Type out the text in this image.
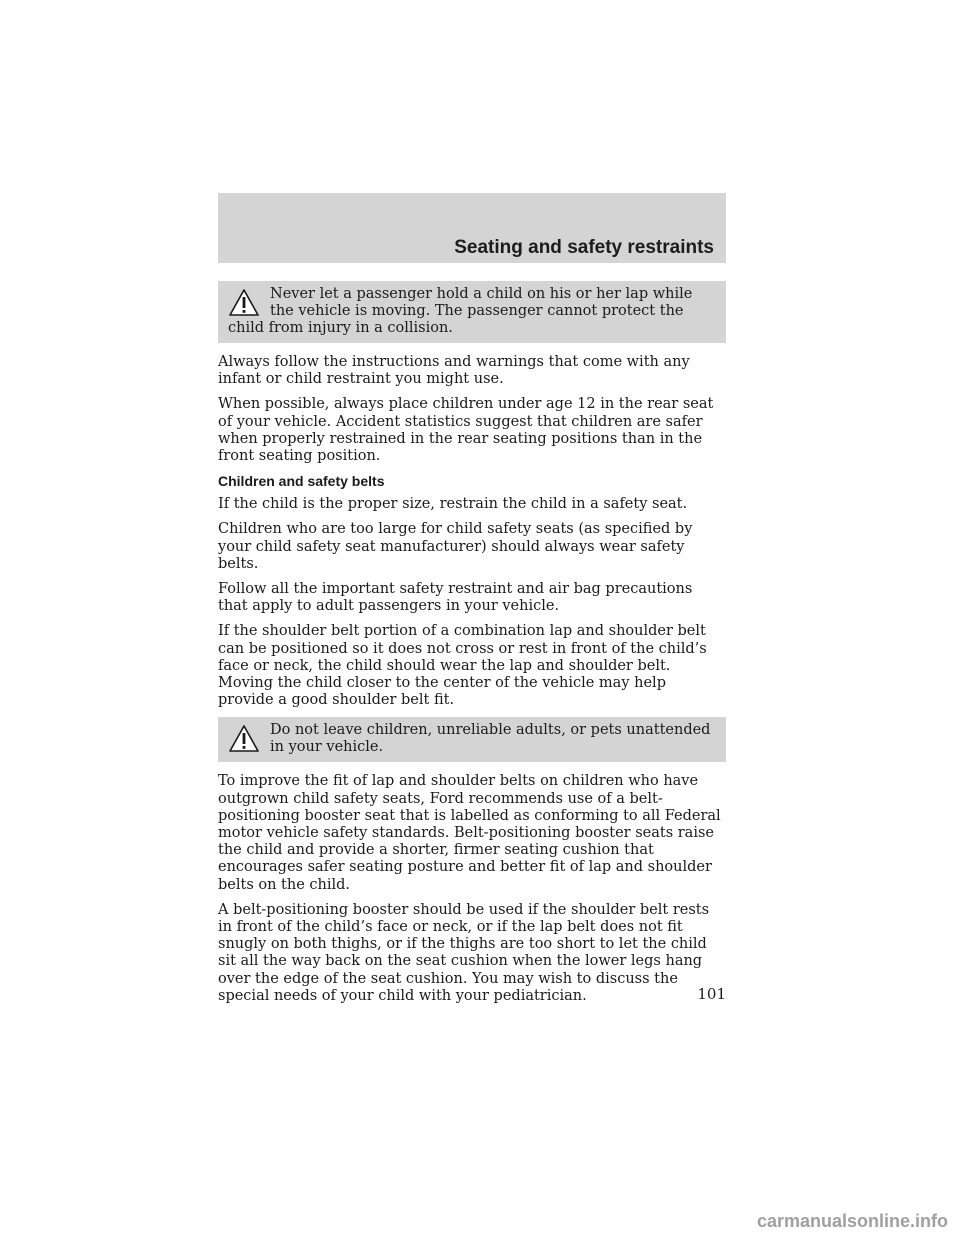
Seating and safety restraints

Never let a passenger hold a child on his or her lap while the vehicle is moving. The passenger cannot protect the child from injury in a collision.

Always follow the instructions and warnings that come with any infant or child restraint you might use.

When possible, always place children under age 12 in the rear seat of your vehicle. Accident statistics suggest that children are safer when properly restrained in the rear seating positions than in the front seating position.

Children and safety belts

If the child is the proper size, restrain the child in a safety seat.

Children who are too large for child safety seats (as specified by your child safety seat manufacturer) should always wear safety belts.

Follow all the important safety restraint and air bag precautions that apply to adult passengers in your vehicle.

If the shoulder belt portion of a combination lap and shoulder belt can be positioned so it does not cross or rest in front of the child’s face or neck, the child should wear the lap and shoulder belt. Moving the child closer to the center of the vehicle may help provide a good shoulder belt fit.

Do not leave children, unreliable adults, or pets unattended in your vehicle.

To improve the fit of lap and shoulder belts on children who have outgrown child safety seats, Ford recommends use of a belt-positioning booster seat that is labelled as conforming to all Federal motor vehicle safety standards. Belt-positioning booster seats raise the child and provide a shorter, firmer seating cushion that encourages safer seating posture and better fit of lap and shoulder belts on the child.

A belt-positioning booster should be used if the shoulder belt rests in front of the child’s face or neck, or if the lap belt does not fit snugly on both thighs, or if the thighs are too short to let the child sit all the way back on the seat cushion when the lower legs hang over the edge of the seat cushion. You may wish to discuss the special needs of your child with your pediatrician.	101
carmanualsonline.info
